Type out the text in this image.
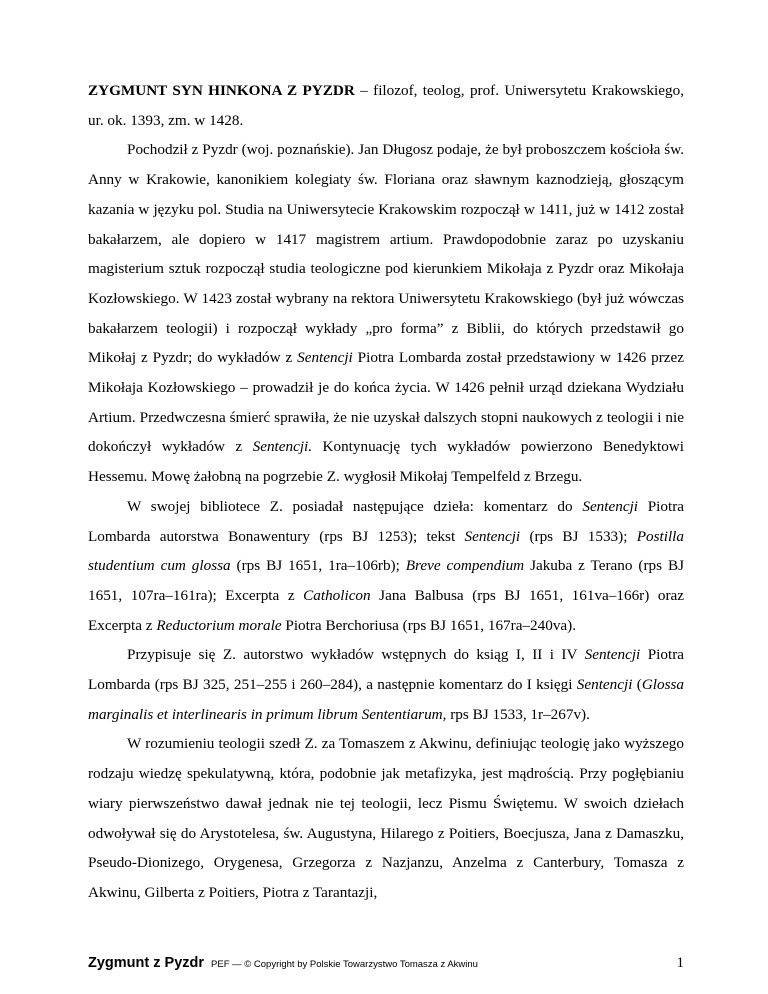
ZYGMUNT SYN HINKONA Z PYZDR – filozof, teolog, prof. Uniwersytetu Krakowskiego, ur. ok. 1393, zm. w 1428.

Pochodził z Pyzdr (woj. poznańskie). Jan Długosz podaje, że był proboszczem kościoła św. Anny w Krakowie, kanonikiem kolegiaty św. Floriana oraz sławnym kaznodzieją, głoszącym kazania w języku pol. Studia na Uniwersytecie Krakowskim rozpoczął w 1411, już w 1412 został bakałarzem, ale dopiero w 1417 magistrem artium. Prawdopodobnie zaraz po uzyskaniu magisterium sztuk rozpoczął studia teologiczne pod kierunkiem Mikołaja z Pyzdr oraz Mikołaja Kozłowskiego. W 1423 został wybrany na rektora Uniwersytetu Krakowskiego (był już wówczas bakałarzem teologii) i rozpoczął wykłady „pro forma” z Biblii, do których przedstawił go Mikołaj z Pyzdr; do wykładów z Sentencji Piotra Lombarda został przedstawiony w 1426 przez Mikołaja Kozłowskiego – prowadził je do końca życia. W 1426 pełnił urząd dziekana Wydziału Artium. Przedwczesna śmierć sprawiła, że nie uzyskał dalszych stopni naukowych z teologii i nie dokończył wykładów z Sentencji. Kontynuację tych wykładów powierzono Benedyktowi Hessemu. Mowę żałobną na pogrzebie Z. wygłosił Mikołaj Tempelfeld z Brzegu.

W swojej bibliotece Z. posiadał następujące dzieła: komentarz do Sentencji Piotra Lombarda autorstwa Bonawentury (rps BJ 1253); tekst Sentencji (rps BJ 1533); Postilla studentium cum glossa (rps BJ 1651, 1ra–106rb); Breve compendium Jakuba z Terano (rps BJ 1651, 107ra–161ra); Excerpta z Catholicon Jana Balbusa (rps BJ 1651, 161va–166r) oraz Excerpta z Reductorium morale Piotra Berchoriusa (rps BJ 1651, 167ra–240va).

Przypisuje się Z. autorstwo wykładów wstępnych do ksiąg I, II i IV Sentencji Piotra Lombarda (rps BJ 325, 251–255 i 260–284), a następnie komentarz do I księgi Sentencji (Glossa marginalis et interlinearis in primum librum Sententiarum, rps BJ 1533, 1r–267v).

W rozumieniu teologii szedł Z. za Tomaszem z Akwinu, definiując teologię jako wyższego rodzaju wiedzę spekulatywną, która, podobnie jak metafizyka, jest mądrością. Przy pogłębianiu wiary pierwszeństwo dawał jednak nie tej teologii, lecz Pismu Świętemu. W swoich dziełach odwoływał się do Arystotelesa, św. Augustyna, Hilarego z Poitiers, Boecjusza, Jana z Damaszku, Pseudo-Dionizego, Orygenesa, Grzegorza z Nazjanzu, Anzelma z Canterbury, Tomasza z Akwinu, Gilberta z Poitiers, Piotra z Tarantazji,

Zygmunt z Pyzdr PEF — © Copyright by Polskie Towarzystwo Tomasza z Akwinu	1
